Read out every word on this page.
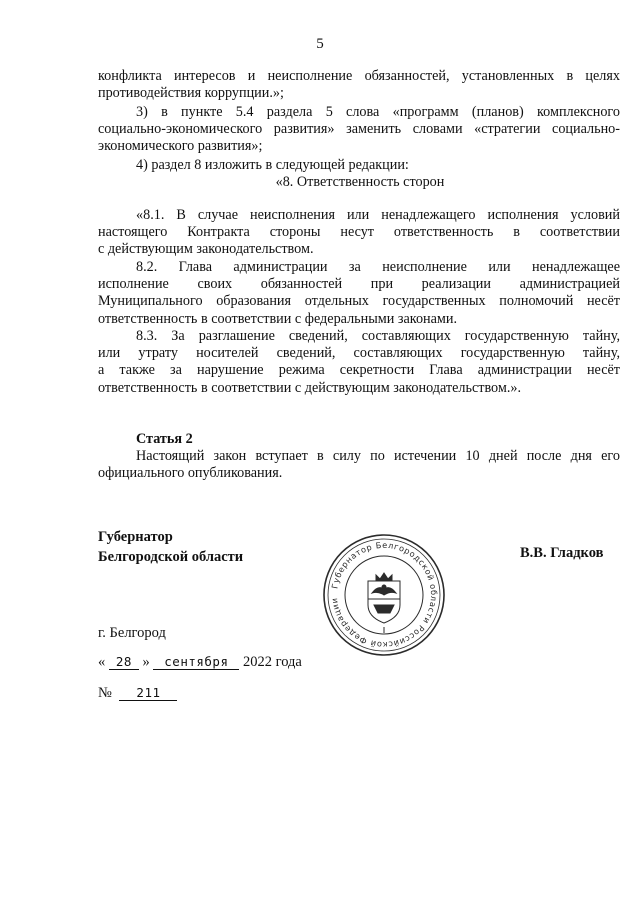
5
конфликта интересов и неисполнение обязанностей, установленных в целях
противодействия коррупции.»;
3) в пункте 5.4 раздела 5 слова «программ (планов) комплексного
социально-экономического развития» заменить словами «стратегии социально-
экономического развития»;
4) раздел 8 изложить в следующей редакции:
«8. Ответственность сторон
«8.1. В случае неисполнения или ненадлежащего исполнения условий
настоящего Контракта стороны несут ответственность в соответствии
с действующим законодательством.
8.2. Глава администрации за неисполнение или ненадлежащее
исполнение своих обязанностей при реализации администрацией
Муниципального образования отдельных государственных полномочий несёт
ответственность в соответствии с федеральными законами.
8.3. За разглашение сведений, составляющих государственную тайну,
или утрату носителей сведений, составляющих государственную тайну,
а также за нарушение режима секретности Глава администрации несёт
ответственность в соответствии с действующим законодательством.».
Статья 2
Настоящий закон вступает в силу по истечении 10 дней после дня его
официального опубликования.
Губернатор
Белгородской области	В.В. Гладков
Губернатор Белгородской области Российской Федерации
г. Белгород
« 28 » сентября 2022 года
№ 211
